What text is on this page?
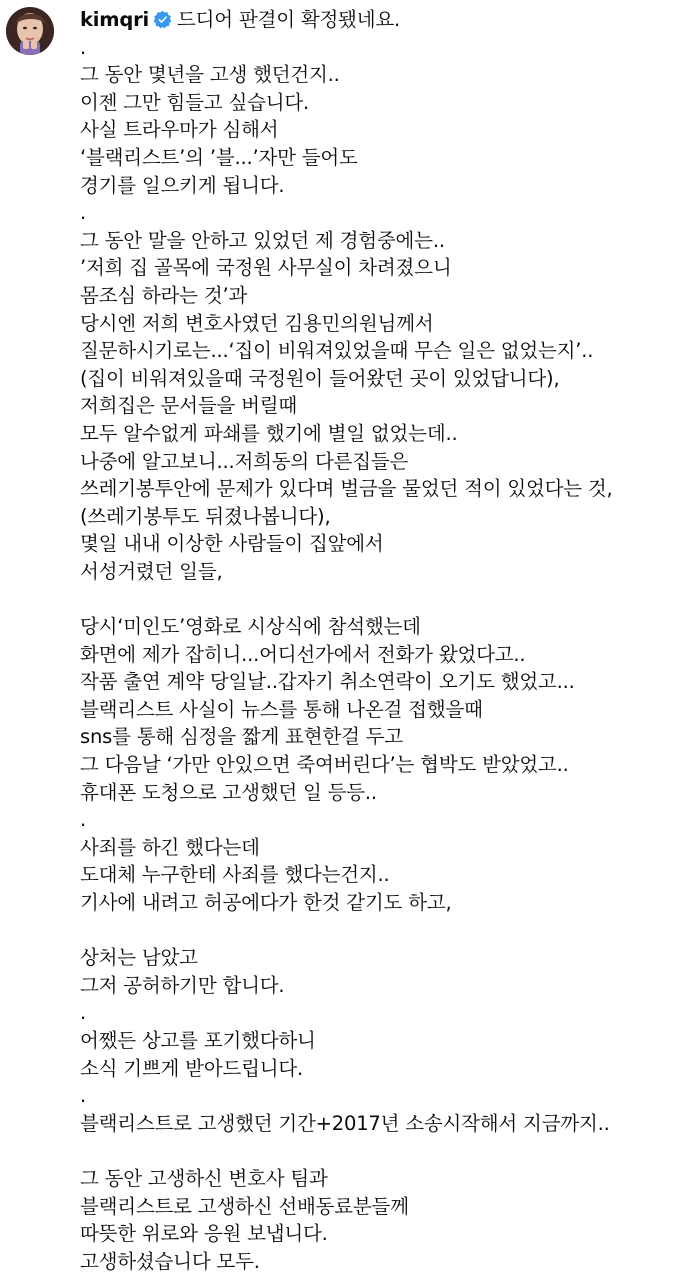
kimqri 드디어 판결이 확정됐네요.
.
그 동안 몇년을 고생 했던건지..
이젠 그만 힘들고 싶습니다.
사실 트라우마가 심해서
‘블랙리스트’의 ’블...’자만 들어도
경기를 일으키게 됩니다.
.
그 동안 말을 안하고 있었던 제 경험중에는..
’저희 집 골목에 국정원 사무실이 차려졌으니
몸조심 하라는 것’과
당시엔 저희 변호사였던 김용민의원님께서
질문하시기로는...‘집이 비워져있었을때 무슨 일은 없었는지’..
(집이 비워져있을때 국정원이 들어왔던 곳이 있었답니다),
저희집은 문서들을 버릴때
모두 알수없게 파쇄를 했기에 별일 없었는데..
나중에 알고보니...저희동의 다른집들은
쓰레기봉투안에 문제가 있다며 벌금을 물었던 적이 있었다는 것,
(쓰레기봉투도 뒤졌나봅니다),
몇일 내내 이상한 사람들이 집앞에서
서성거렸던 일들,
당시‘미인도’영화로 시상식에 참석했는데
화면에 제가 잡히니...어디선가에서 전화가 왔었다고..
작품 출연 계약 당일날..갑자기 취소연락이 오기도 했었고...
블랙리스트 사실이 뉴스를 통해 나온걸 접했을때
sns를 통해 심정을 짧게 표현한걸 두고
그 다음날 ‘가만 안있으면 죽여버린다’는 협박도 받았었고..
휴대폰 도청으로 고생했던 일 등등..
.
사죄를 하긴 했다는데
도대체 누구한테 사죄를 했다는건지..
기사에 내려고 허공에다가 한것 같기도 하고,
상처는 남았고
그저 공허하기만 합니다.
.
어쨌든 상고를 포기했다하니
소식 기쁘게 받아드립니다.
.
블랙리스트로 고생했던 기간+2017년 소송시작해서 지금까지..
그 동안 고생하신 변호사 팀과
블랙리스트로 고생하신 선배동료분들께
따뜻한 위로와 응원 보냅니다.
고생하셨습니다 모두.
